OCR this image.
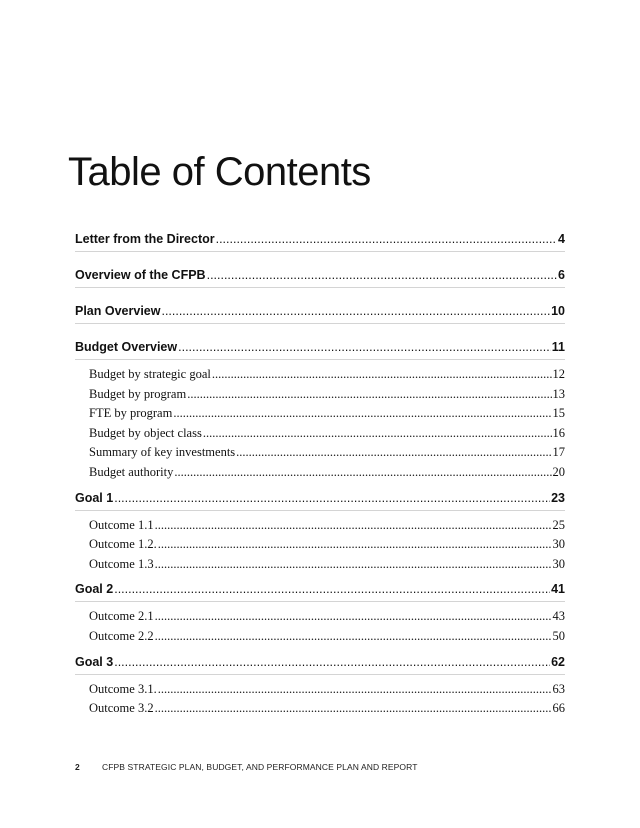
Table of Contents
Letter from the Director .....	4
Overview of the CFPB .....	6
Plan Overview .....	10
Budget Overview .....	11
Budget by strategic goal .....	12
Budget by program .....	13
FTE by program .....	15
Budget by object class .....	16
Summary of key investments .....	17
Budget authority .....	20
Goal 1 .....	23
Outcome 1.1 .....	25
Outcome 1.2. .....	30
Outcome 1.3 .....	30
Goal 2 .....	41
Outcome 2.1 .....	43
Outcome 2.2 .....	50
Goal 3 .....	62
Outcome 3.1. .....	63
Outcome 3.2 .....	66
2	CFPB STRATEGIC PLAN, BUDGET, AND PERFORMANCE PLAN AND REPORT
